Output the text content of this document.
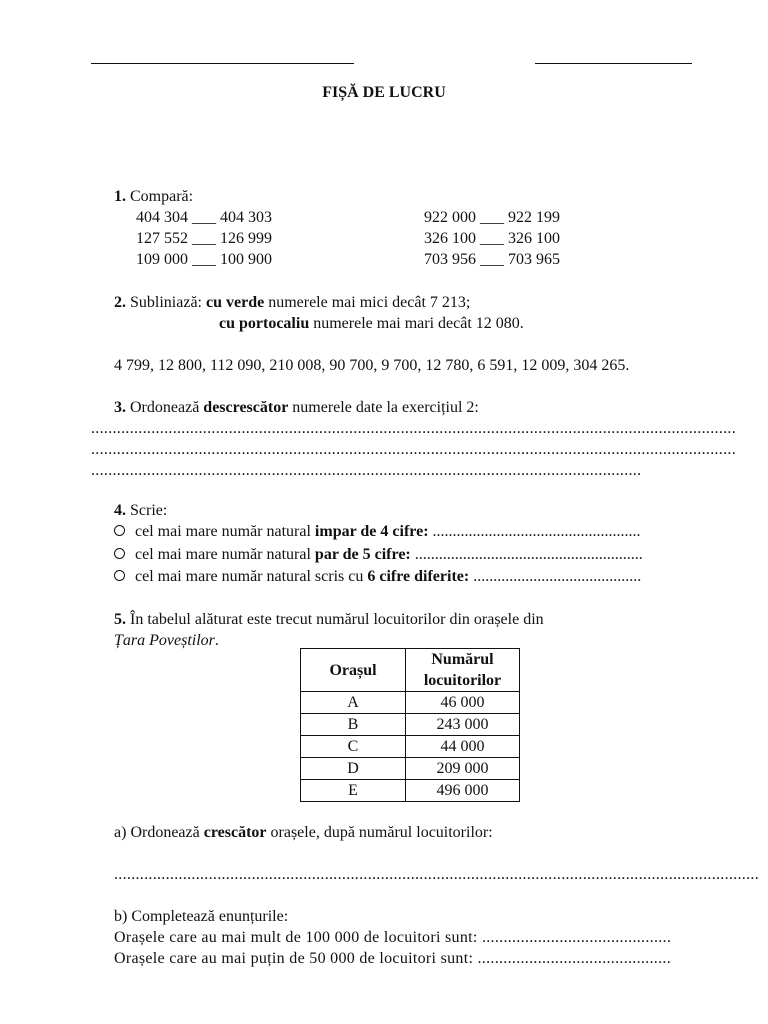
FIȘĂ DE LUCRU
1. Compară:
404 304 ___ 404 303
127 552 ___ 126 999
109 000 ___ 100 900
922 000 ___ 922 199
326 100 ___ 326 100
703 956 ___ 703 965
2. Subliniază: cu verde numerele mai mici decât 7 213;
cu portocaliu numerele mai mari decât 12 080.
4 799, 12 800, 112 090, 210 008, 90 700, 9 700, 12 780, 6 591, 12 009, 304 265.
3. Ordonează descrescător numerele date la exercițiul 2:
......................................................................................................................................................
......................................................................................................................................................
................................................................................................................................
4. Scrie:
cel mai mare număr natural impar de 4 cifre: ....................................................
cel mai mare număr natural par de 5 cifre: .........................................................
cel mai mare număr natural scris cu 6 cifre diferite: ..........................................
5. În tabelul alăturat este trecut numărul locuitorilor din orașele din
Țara Poveștilor.
Orașul	Numărul
locuitorilor

A	46 000
B	243 000
C	44 000
D	209 000
E	496 000
a) Ordonează crescător orașele, după numărul locuitorilor:
......................................................................................................................................................
b) Completează enunțurile:
Orașele care au mai mult de 100 000 de locuitori sunt: ............................................
Orașele care au mai puțin de 50 000 de locuitori sunt: .............................................
